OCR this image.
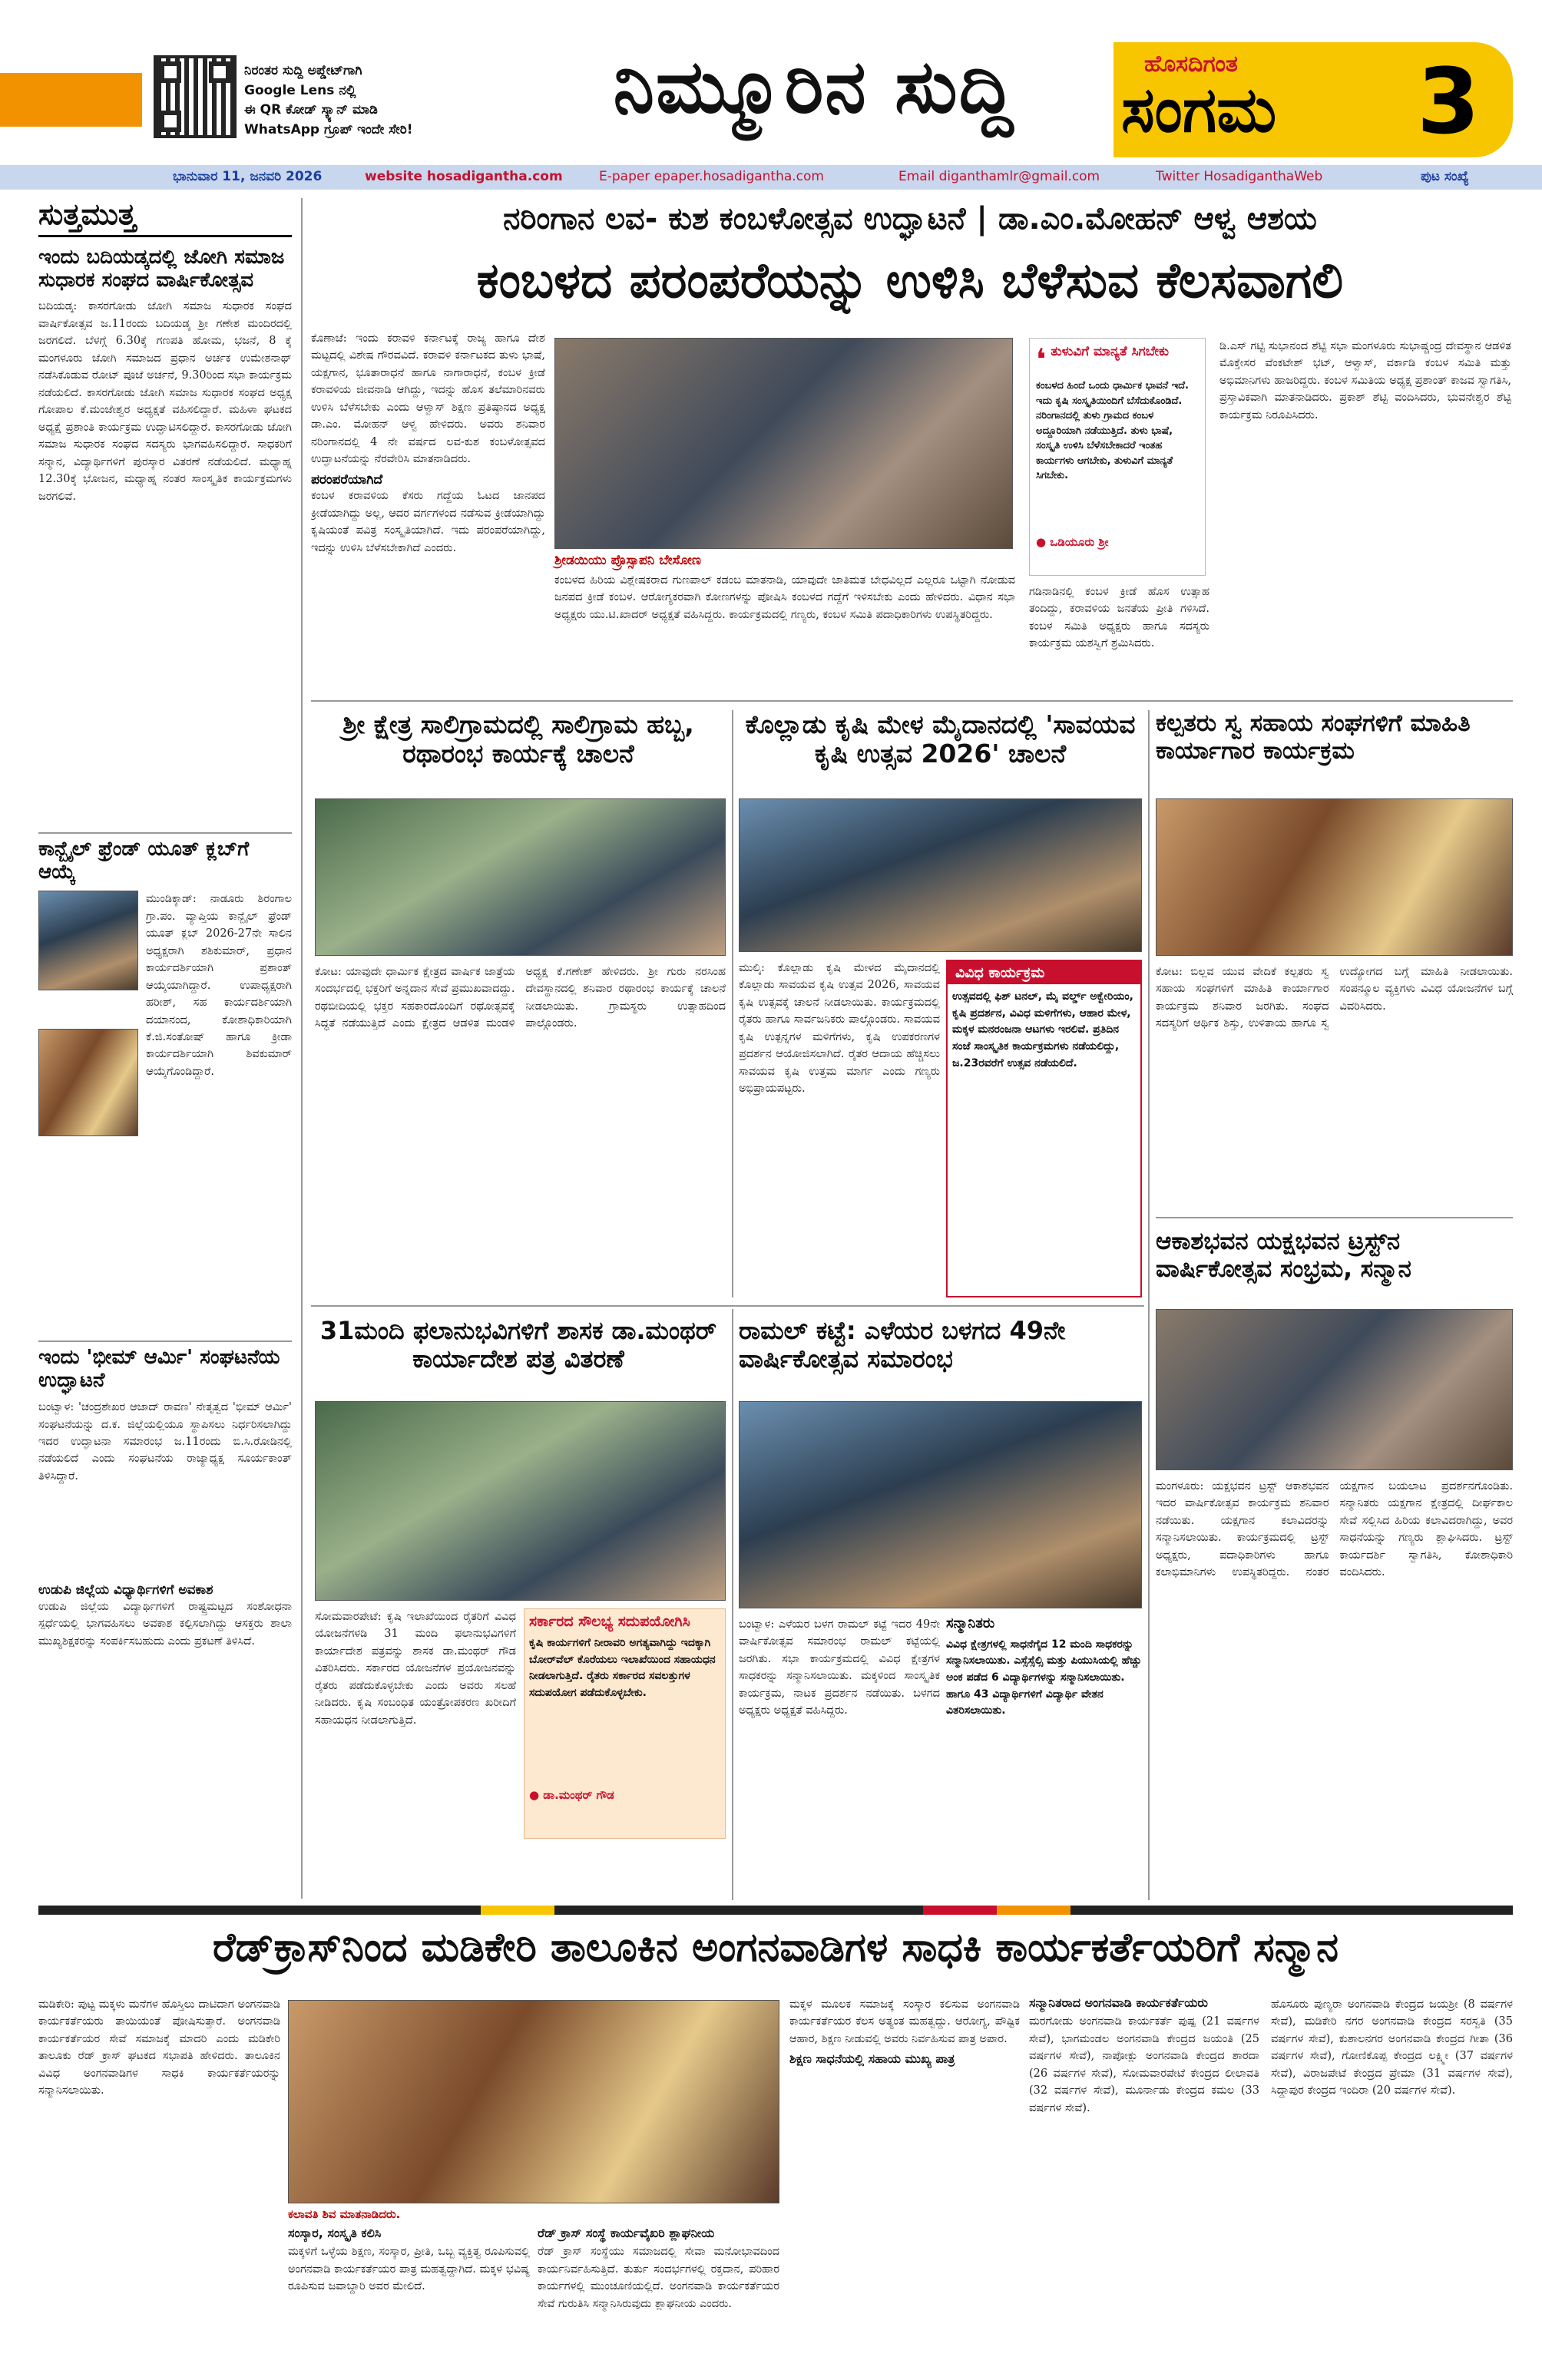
ನಿರಂತರ ಸುದ್ದಿ ಅಪ್ಡೇಟ್‌ಗಾಗಿ
Google Lens ನಲ್ಲಿ
ಈ QR ಕೋಡ್ ಸ್ಕ್ಯಾನ್ ಮಾಡಿ
WhatsApp ಗ್ರೂಪ್ ಇಂದೇ ಸೇರಿ!	ನಿಮ್ಮೂರಿನ ಸುದ್ದಿ	ಹೊಸದಿಗಂತ
ಸಂಗಮ 3
ಭಾನುವಾರ 11, ಜನವರಿ 2026	website hosadigantha.com	E-paper epaper.hosadigantha.com	Email diganthamlr@gmail.com	Twitter HosadiganthaWeb	ಪುಟ ಸಂಖ್ಯೆ
ಸುತ್ತಮುತ್ತ
ಇಂದು ಬದಿಯಡ್ಕದಲ್ಲಿ ಜೋಗಿ ಸಮಾಜ ಸುಧಾರಕ ಸಂಘದ ವಾರ್ಷಿಕೋತ್ಸವ

ಬದಿಯಡ್ಕ: ಕಾಸರಗೋಡು ಜೋಗಿ ಸಮಾಜ ಸುಧಾರಕ ಸಂಘದ ವಾರ್ಷಿಕೋತ್ಸವ ಜ.11ರಂದು ಬದಿಯಡ್ಕ ಶ್ರೀ ಗಣೇಶ ಮಂದಿರದಲ್ಲಿ ಜರಗಲಿದೆ. ಬೆಳಗ್ಗೆ 6.30ಕ್ಕೆ ಗಣಪತಿ ಹೋಮ, ಭಜನೆ, 8 ಕ್ಕೆ ಮಂಗಳೂರು ಜೋಗಿ ಸಮಾಜದ ಪ್ರಧಾನ ಅರ್ಚಕ ಉಮೇಶನಾಥ್ ನಡೆಸಿಕೊಡುವ ರೋಟ್ ಪೂಜೆ ಅರ್ಚನೆ, 9.30ರಿಂದ ಸಭಾ ಕಾರ್ಯಕ್ರಮ ನಡೆಯಲಿದೆ. ಕಾಸರಗೋಡು ಜೋಗಿ ಸಮಾಜ ಸುಧಾರಕ ಸಂಘದ ಅಧ್ಯಕ್ಷ ಗೋಪಾಲ ಕೆ.ಮಂಜೇಶ್ವರ ಅಧ್ಯಕ್ಷತೆ ವಹಿಸಲಿದ್ದಾರೆ. ಮಹಿಳಾ ಘಟಕದ ಅಧ್ಯಕ್ಷೆ ಪ್ರಶಾಂತಿ ಕಾರ್ಯಕ್ರಮ ಉದ್ಘಾಟಿಸಲಿದ್ದಾರೆ. ಕಾಸರಗೋಡು ಜೋಗಿ ಸಮಾಜ ಸುಧಾರಕ ಸಂಘದ ಸದಸ್ಯರು ಭಾಗವಹಿಸಲಿದ್ದಾರೆ. ಸಾಧಕರಿಗೆ ಸನ್ಮಾನ, ವಿದ್ಯಾರ್ಥಿಗಳಿಗೆ ಪುರಸ್ಕಾರ ವಿತರಣೆ ನಡೆಯಲಿದೆ. ಮಧ್ಯಾಹ್ನ 12.30ಕ್ಕೆ ಭೋಜನ, ಮಧ್ಯಾಹ್ನ ನಂತರ ಸಾಂಸ್ಕೃತಿಕ ಕಾರ್ಯಕ್ರಮಗಳು ಜರಗಲಿವೆ.

ಕಾನ್ಬೈಲ್ ಫ್ರೆಂಡ್ ಯೂತ್ ಕ್ಲಬ್‌ಗೆ ಆಯ್ಕೆ

ಮುಂಡಿಕ್ಕಾಡ್: ನಾಡೂರು ಶಿರಂಗಾಲ ಗ್ರಾ.ಪಂ. ವ್ಯಾಪ್ತಿಯ ಕಾನ್ಬೈಲ್ ಫ್ರೆಂಡ್ ಯೂತ್ ಕ್ಲಬ್ 2026-27ನೇ ಸಾಲಿನ ಅಧ್ಯಕ್ಷರಾಗಿ ಶಶಿಕುಮಾರ್, ಪ್ರಧಾನ ಕಾರ್ಯದರ್ಶಿಯಾಗಿ ಪ್ರಶಾಂತ್ ಆಯ್ಕೆಯಾಗಿದ್ದಾರೆ. ಉಪಾಧ್ಯಕ್ಷರಾಗಿ ಹರೀಶ್, ಸಹ ಕಾರ್ಯದರ್ಶಿಯಾಗಿ ದಯಾನಂದ, ಕೋಶಾಧಿಕಾರಿಯಾಗಿ ಕೆ.ಜಿ.ಸಂತೋಷ್ ಹಾಗೂ ಕ್ರೀಡಾ ಕಾರ್ಯದರ್ಶಿಯಾಗಿ ಶಿವಕುಮಾರ್ ಆಯ್ಕೆಗೊಂಡಿದ್ದಾರೆ.

ಇಂದು 'ಭೀಮ್ ಆರ್ಮಿ' ಸಂಘಟನೆಯ ಉದ್ಘಾಟನೆ

ಬಂಟ್ವಾಳ: 'ಚಂದ್ರಶೇಖರ ಆಜಾದ್ ರಾವಣ' ನೇತೃತ್ವದ 'ಭೀಮ್ ಆರ್ಮಿ' ಸಂಘಟನೆಯನ್ನು ದ.ಕ. ಜಿಲ್ಲೆಯಲ್ಲಿಯೂ ಸ್ಥಾಪಿಸಲು ನಿರ್ಧರಿಸಲಾಗಿದ್ದು ಇದರ ಉದ್ಘಾಟನಾ ಸಮಾರಂಭ ಜ.11ರಂದು ಬಿ.ಸಿ.ರೋಡಿನಲ್ಲಿ ನಡೆಯಲಿದೆ ಎಂದು ಸಂಘಟನೆಯ ರಾಜ್ಯಾಧ್ಯಕ್ಷ ಸೂರ್ಯಕಾಂತ್ ತಿಳಿಸಿದ್ದಾರೆ.

ಉಡುಪಿ ಜಿಲ್ಲೆಯ ವಿಧ್ಯಾರ್ಥಿಗಳಿಗೆ ಅವಕಾಶ

ಉಡುಪಿ ಜಿಲ್ಲೆಯ ವಿದ್ಯಾರ್ಥಿಗಳಿಗೆ ರಾಷ್ಟ್ರಮಟ್ಟದ ಸಂಶೋಧನಾ ಸ್ಪರ್ಧೆಯಲ್ಲಿ ಭಾಗವಹಿಸಲು ಅವಕಾಶ ಕಲ್ಪಿಸಲಾಗಿದ್ದು ಆಸಕ್ತರು ಶಾಲಾ ಮುಖ್ಯಶಿಕ್ಷಕರನ್ನು ಸಂಪರ್ಕಿಸಬಹುದು ಎಂದು ಪ್ರಕಟಣೆ ತಿಳಿಸಿದೆ.

ನರಿಂಗಾನ ಲವ- ಕುಶ ಕಂಬಳೋತ್ಸವ ಉದ್ಘಾಟನೆ | ಡಾ.ಎಂ.ಮೋಹನ್ ಆಳ್ವ ಆಶಯ
ಕಂಬಳದ ಪರಂಪರೆಯನ್ನು ಉಳಿಸಿ ಬೆಳೆಸುವ ಕೆಲಸವಾಗಲಿ

ಕೊಣಾಜೆ: ಇಂದು ಕರಾವಳಿ ಕರ್ನಾಟಕ್ಕೆ ರಾಜ್ಯ ಹಾಗೂ ದೇಶ ಮಟ್ಟದಲ್ಲಿ ವಿಶೇಷ ಗೌರವವಿದೆ. ಕರಾವಳಿ ಕರ್ನಾಟಕದ ತುಳು ಭಾಷೆ, ಯಕ್ಷಗಾನ, ಭೂತಾರಾಧನೆ ಹಾಗೂ ನಾಗಾರಾಧನೆ, ಕಂಬಳ ಕ್ರೀಡೆ ಕರಾವಳಿಯ ಜೀವನಾಡಿ ಆಗಿದ್ದು, ಇದನ್ನು ಹೊಸ ತಲೆಮಾರಿನವರು ಉಳಿಸಿ ಬೆಳೆಸಬೇಕು ಎಂದು ಆಳ್ವಾಸ್ ಶಿಕ್ಷಣ ಪ್ರತಿಷ್ಠಾನದ ಅಧ್ಯಕ್ಷ ಡಾ.ಎಂ. ಮೋಹನ್ ಆಳ್ವ ಹೇಳಿದರು. ಅವರು ಶನಿವಾರ ನರಿಂಗಾನದಲ್ಲಿ 4 ನೇ ವರ್ಷದ ಲವ-ಕುಶ ಕಂಬಳೋತ್ಸವದ ಉದ್ಘಾಟನೆಯನ್ನು ನೆರವೇರಿಸಿ ಮಾತನಾಡಿದರು.

ಪರಂಪರೆಯಾಗಿದೆ

ಕಂಬಳ ಕರಾವಳಿಯ ಕೆಸರು ಗದ್ದೆಯ ಓಟದ ಜಾನಪದ ಕ್ರೀಡೆಯಾಗಿದ್ದು ಅಲ್ಲ, ಆದರ ವರ್ಗಗಳಂದ ನಡೆಸುವ ಕ್ರೀಡೆಯಾಗಿದ್ದು ಕೃಷಿಯಂತೆ ಪವಿತ್ರ ಸಂಸ್ಕೃತಿಯಾಗಿದೆ. ಇದು ಪರಂಪರೆಯಾಗಿದ್ದು, ಇದನ್ನು ಉಳಿಸಿ ಬೆಳೆಸಬೇಕಾಗಿದೆ ಎಂದರು.

ಶ್ರೀಡಯಿಯು ಪ್ರೊಸ್ಸಾಪನಿ ಬೇಸೋಣ

ಕಂಬಳದ ಹಿರಿಯ ವಿಶ್ಲೇಷಕರಾದ ಗುಣಪಾಲ್ ಕಡಂಬ ಮಾತನಾಡಿ, ಯಾವುದೇ ಜಾತಿಮತ ಬೇಧವಿಲ್ಲದೆ ಎಲ್ಲರೂ ಒಟ್ಟಾಗಿ ನೋಡುವ ಜನಪದ ಕ್ರೀಡೆ ಕಂಬಳ. ಆರೋಗ್ಯಕರವಾಗಿ ಕೋಣಗಳನ್ನು ಪೋಷಿಸಿ ಕಂಬಳದ ಗದ್ದೆಗೆ ಇಳಿಸಬೇಕು ಎಂದು ಹೇಳಿದರು. ವಿಧಾನ ಸಭಾ ಅಧ್ಯಕ್ಷರು ಯು.ಟಿ.ಖಾದರ್ ಅಧ್ಯಕ್ಷತೆ ವಹಿಸಿದ್ದರು. ಕಾರ್ಯಕ್ರಮದಲ್ಲಿ ಗಣ್ಯರು, ಕಂಬಳ ಸಮಿತಿ ಪದಾಧಿಕಾರಿಗಳು ಉಪಸ್ಥಿತರಿದ್ದರು.

❛ ತುಳುವಿಗೆ ಮಾನ್ಯತೆ ಸಿಗಬೇಕು

ಕಂಬಳದ ಹಿಂದೆ ಒಂದು ಧಾರ್ಮಿಕ ಭಾವನೆ ಇದೆ. ಇದು ಕೃಷಿ ಸಂಸ್ಕೃತಿಯಿಂದಿಗೆ ಬೆಸೆದುಕೊಂಡಿದೆ. ನರಿಂಗಾನದಲ್ಲಿ ತುಳು ಗ್ರಾಮದ ಕಂಬಳ ಅದ್ದೂರಿಯಾಗಿ ನಡೆಯುತ್ತಿದೆ. ತುಳು ಭಾಷೆ, ಸಂಸ್ಕೃತಿ ಉಳಿಸಿ ಬೆಳೆಸಬೇಕಾದರೆ ಇಂತಹ ಕಾರ್ಯಗಳು ಆಗಬೇಕು, ತುಳುವಿಗೆ ಮಾನ್ಯತೆ ಸಿಗಬೇಕು.

● ಒಡಿಯೂರು ಶ್ರೀ

ಡಿ.ಎಸ್ ಗಟ್ಟಿ ಸುಭಾನಂದ ಶೆಟ್ಟಿ ಸಭಾ ಮಂಗಳೂರು ಸುಭಾಷ್ಚಂದ್ರ ದೇವಸ್ಥಾನ ಆಡಳಿತ ಮೊಕ್ತೇಸರ ವೆಂಕಟೇಶ್ ಭಟ್, ಆಳ್ವಾಸ್, ವರ್ಕಾಡಿ ಕಂಬಳ ಸಮಿತಿ ಮತ್ತು ಅಭಿಮಾನಿಗಳು ಹಾಜರಿದ್ದರು. ಕಂಬಳ ಸಮಿತಿಯ ಅಧ್ಯಕ್ಷ ಪ್ರಶಾಂತ್ ಕಾಜವ ಸ್ವಾಗತಿಸಿ, ಪ್ರಸ್ತಾವಿಕವಾಗಿ ಮಾತನಾಡಿದರು. ಪ್ರಕಾಶ್ ಶೆಟ್ಟಿ ವಂದಿಸಿದರು, ಭುವನೇಶ್ವರ ಶೆಟ್ಟಿ ಕಾರ್ಯಕ್ರಮ ನಿರೂಪಿಸಿದರು.

ಗಡಿನಾಡಿನಲ್ಲಿ ಕಂಬಳ ಕ್ರೀಡೆ ಹೊಸ ಉತ್ಸಾಹ ತಂದಿದ್ದು, ಕರಾವಳಿಯ ಜನತೆಯ ಪ್ರೀತಿ ಗಳಿಸಿದೆ. ಕಂಬಳ ಸಮಿತಿ ಅಧ್ಯಕ್ಷರು ಹಾಗೂ ಸದಸ್ಯರು ಕಾರ್ಯಕ್ರಮ ಯಶಸ್ವಿಗೆ ಶ್ರಮಿಸಿದರು.

ಶ್ರೀ ಕ್ಷೇತ್ರ ಸಾಲಿಗ್ರಾಮದಲ್ಲಿ ಸಾಲಿಗ್ರಾಮ ಹಬ್ಬ, ರಥಾರಂಭ ಕಾರ್ಯಕ್ಕೆ ಚಾಲನೆ

ಕೋಟ: ಯಾವುದೇ ಧಾರ್ಮಿಕ ಕ್ಷೇತ್ರದ ವಾರ್ಷಿಕ ಜಾತ್ರೆಯ ಸಂದರ್ಭದಲ್ಲಿ ಭಕ್ತರಿಗೆ ಅನ್ನದಾನ ಸೇವೆ ಪ್ರಮುಖವಾದದ್ದು. ರಥಬೀದಿಯಲ್ಲಿ ಭಕ್ತರ ಸಹಕಾರದೊಂದಿಗೆ ರಥೋತ್ಸವಕ್ಕೆ ಸಿದ್ಧತೆ ನಡೆಯುತ್ತಿದೆ ಎಂದು ಕ್ಷೇತ್ರದ ಆಡಳಿತ ಮಂಡಳಿ ಅಧ್ಯಕ್ಷ ಕೆ.ಗಣೇಶ್ ಹೇಳಿದರು. ಶ್ರೀ ಗುರು ನರಸಿಂಹ ದೇವಸ್ಥಾನದಲ್ಲಿ ಶನಿವಾರ ರಥಾರಂಭ ಕಾರ್ಯಕ್ಕೆ ಚಾಲನೆ ನೀಡಲಾಯಿತು. ಗ್ರಾಮಸ್ಥರು ಉತ್ಸಾಹದಿಂದ ಪಾಲ್ಗೊಂಡರು.

ಕೊಲ್ಲಾಡು ಕೃಷಿ ಮೇಳ ಮೈದಾನದಲ್ಲಿ 'ಸಾವಯವ ಕೃಷಿ ಉತ್ಸವ 2026' ಚಾಲನೆ

ಮುಲ್ಕಿ: ಕೊಲ್ಲಾಡು ಕೃಷಿ ಮೇಳದ ಮೈದಾನದಲ್ಲಿ ಕೊಲ್ಲಾಡು ಸಾವಯವ ಕೃಷಿ ಉತ್ಸವ 2026, ಸಾವಯವ ಕೃಷಿ ಉತ್ಸವಕ್ಕೆ ಚಾಲನೆ ನೀಡಲಾಯಿತು. ಕಾರ್ಯಕ್ರಮದಲ್ಲಿ ರೈತರು ಹಾಗೂ ಸಾರ್ವಜನಿಕರು ಪಾಲ್ಗೊಂಡರು. ಸಾವಯವ ಕೃಷಿ ಉತ್ಪನ್ನಗಳ ಮಳಿಗೆಗಳು, ಕೃಷಿ ಉಪಕರಣಗಳ ಪ್ರದರ್ಶನ ಆಯೋಜಿಸಲಾಗಿದೆ. ರೈತರ ಆದಾಯ ಹೆಚ್ಚಿಸಲು ಸಾವಯವ ಕೃಷಿ ಉತ್ತಮ ಮಾರ್ಗ ಎಂದು ಗಣ್ಯರು ಅಭಿಪ್ರಾಯಪಟ್ಟರು.

ವಿವಿಧ ಕಾರ್ಯಕ್ರಮ

ಉತ್ಸವದಲ್ಲಿ ಫಿಶ್ ಟನಲ್, ಮೈ ವರ್ಲ್ಡ್ ಅಕ್ವೇರಿಯಂ, ಕೃಷಿ ಪ್ರದರ್ಶನ, ವಿವಿಧ ಮಳಿಗೆಗಳು, ಆಹಾರ ಮೇಳ, ಮಕ್ಕಳ ಮನರಂಜನಾ ಆಟಗಳು ಇರಲಿವೆ. ಪ್ರತಿದಿನ ಸಂಜೆ ಸಾಂಸ್ಕೃತಿಕ ಕಾರ್ಯಕ್ರಮಗಳು ನಡೆಯಲಿದ್ದು, ಜ.23ರವರೆಗೆ ಉತ್ಸವ ನಡೆಯಲಿದೆ.

ಕಲ್ಪತರು ಸ್ವ ಸಹಾಯ ಸಂಘಗಳಿಗೆ ಮಾಹಿತಿ ಕಾರ್ಯಾಗಾರ ಕಾರ್ಯಕ್ರಮ

ಕೋಟ: ಬಿಲ್ಲವ ಯುವ ವೇದಿಕೆ ಕಲ್ಪತರು ಸ್ವ ಸಹಾಯ ಸಂಘಗಳಿಗೆ ಮಾಹಿತಿ ಕಾರ್ಯಾಗಾರ ಕಾರ್ಯಕ್ರಮ ಶನಿವಾರ ಜರಗಿತು. ಸಂಘದ ಸದಸ್ಯರಿಗೆ ಆರ್ಥಿಕ ಶಿಸ್ತು, ಉಳಿತಾಯ ಹಾಗೂ ಸ್ವ ಉದ್ಯೋಗದ ಬಗ್ಗೆ ಮಾಹಿತಿ ನೀಡಲಾಯಿತು. ಸಂಪನ್ಮೂಲ ವ್ಯಕ್ತಿಗಳು ವಿವಿಧ ಯೋಜನೆಗಳ ಬಗ್ಗೆ ವಿವರಿಸಿದರು.

ಆಕಾಶಭವನ ಯಕ್ಷಭವನ ಟ್ರಸ್ಟ್‌ನ ವಾರ್ಷಿಕೋತ್ಸವ ಸಂಭ್ರಮ, ಸನ್ಮಾನ

ಮಂಗಳೂರು: ಯಕ್ಷಭವನ ಟ್ರಸ್ಟ್ ಆಕಾಶಭವನ ಇದರ ವಾರ್ಷಿಕೋತ್ಸವ ಕಾರ್ಯಕ್ರಮ ಶನಿವಾರ ನಡೆಯಿತು. ಯಕ್ಷಗಾನ ಕಲಾವಿದರನ್ನು ಸನ್ಮಾನಿಸಲಾಯಿತು. ಕಾರ್ಯಕ್ರಮದಲ್ಲಿ ಟ್ರಸ್ಟ್ ಅಧ್ಯಕ್ಷರು, ಪದಾಧಿಕಾರಿಗಳು ಹಾಗೂ ಕಲಾಭಿಮಾನಿಗಳು ಉಪಸ್ಥಿತರಿದ್ದರು. ನಂತರ ಯಕ್ಷಗಾನ ಬಯಲಾಟ ಪ್ರದರ್ಶನಗೊಂಡಿತು. ಸನ್ಮಾನಿತರು ಯಕ್ಷಗಾನ ಕ್ಷೇತ್ರದಲ್ಲಿ ದೀರ್ಘಕಾಲ ಸೇವೆ ಸಲ್ಲಿಸಿದ ಹಿರಿಯ ಕಲಾವಿದರಾಗಿದ್ದು, ಅವರ ಸಾಧನೆಯನ್ನು ಗಣ್ಯರು ಶ್ಲಾಘಿಸಿದರು. ಟ್ರಸ್ಟ್ ಕಾರ್ಯದರ್ಶಿ ಸ್ವಾಗತಿಸಿ, ಕೋಶಾಧಿಕಾರಿ ವಂದಿಸಿದರು.

31ಮಂದಿ ಫಲಾನುಭವಿಗಳಿಗೆ ಶಾಸಕ ಡಾ.ಮಂಥರ್ ಕಾರ್ಯಾದೇಶ ಪತ್ರ ವಿತರಣೆ

ಸೋಮವಾರಪೇಟೆ: ಕೃಷಿ ಇಲಾಖೆಯಿಂದ ರೈತರಿಗೆ ವಿವಿಧ ಯೋಜನೆಗಳಡಿ 31 ಮಂದಿ ಫಲಾನುಭವಿಗಳಿಗೆ ಕಾರ್ಯಾದೇಶ ಪತ್ರವನ್ನು ಶಾಸಕ ಡಾ.ಮಂಥರ್ ಗೌಡ ವಿತರಿಸಿದರು. ಸರ್ಕಾರದ ಯೋಜನೆಗಳ ಪ್ರಯೋಜನವನ್ನು ರೈತರು ಪಡೆದುಕೊಳ್ಳಬೇಕು ಎಂದು ಅವರು ಸಲಹೆ ನೀಡಿದರು. ಕೃಷಿ ಸಂಬಂಧಿತ ಯಂತ್ರೋಪಕರಣ ಖರೀದಿಗೆ ಸಹಾಯಧನ ನೀಡಲಾಗುತ್ತಿದೆ.

ಸರ್ಕಾರದ ಸೌಲಭ್ಯ ಸದುಪಯೋಗಿಸಿ

ಕೃಷಿ ಕಾರ್ಯಗಳಿಗೆ ನೀರಾವರಿ ಅಗತ್ಯವಾಗಿದ್ದು ಇದಕ್ಕಾಗಿ ಬೋರ್‌ವೆಲ್ ಕೊರೆಯಲು ಇಲಾಖೆಯಿಂದ ಸಹಾಯಧನ ನೀಡಲಾಗುತ್ತಿದೆ. ರೈತರು ಸರ್ಕಾರದ ಸವಲತ್ತುಗಳ ಸದುಪಯೋಗ ಪಡೆದುಕೊಳ್ಳಬೇಕು.

● ಡಾ.ಮಂಥರ್ ಗೌಡ
ರಾಮಲ್ ಕಟ್ಟೆ: ಎಳೆಯರ ಬಳಗದ 49ನೇ ವಾರ್ಷಿಕೋತ್ಸವ ಸಮಾರಂಭ

ಬಂಟ್ವಾಳ: ಎಳೆಯರ ಬಳಗ ರಾಮಲ್ ಕಟ್ಟೆ ಇದರ 49ನೇ ವಾರ್ಷಿಕೋತ್ಸವ ಸಮಾರಂಭ ರಾಮಲ್ ಕಟ್ಟೆಯಲ್ಲಿ ಜರಗಿತು. ಸಭಾ ಕಾರ್ಯಕ್ರಮದಲ್ಲಿ ವಿವಿಧ ಕ್ಷೇತ್ರಗಳ ಸಾಧಕರನ್ನು ಸನ್ಮಾನಿಸಲಾಯಿತು. ಮಕ್ಕಳಿಂದ ಸಾಂಸ್ಕೃತಿಕ ಕಾರ್ಯಕ್ರಮ, ನಾಟಕ ಪ್ರದರ್ಶನ ನಡೆಯಿತು. ಬಳಗದ ಅಧ್ಯಕ್ಷರು ಅಧ್ಯಕ್ಷತೆ ವಹಿಸಿದ್ದರು.

ಸನ್ಮಾನಿತರು

ವಿವಿಧ ಕ್ಷೇತ್ರಗಳಲ್ಲಿ ಸಾಧನೆಗೈದ 12 ಮಂದಿ ಸಾಧಕರನ್ನು ಸನ್ಮಾನಿಸಲಾಯಿತು. ಎಸ್ಸೆಸ್ಸೆಲ್ಸಿ ಮತ್ತು ಪಿಯುಸಿಯಲ್ಲಿ ಹೆಚ್ಚು ಅಂಕ ಪಡೆದ 6 ವಿದ್ಯಾರ್ಥಿಗಳನ್ನು ಸನ್ಮಾನಿಸಲಾಯಿತು. ಹಾಗೂ 43 ವಿದ್ಯಾರ್ಥಿಗಳಿಗೆ ವಿದ್ಯಾರ್ಥಿ ವೇತನ ವಿತರಿಸಲಾಯಿತು.

ರೆಡ್‌ಕ್ರಾಸ್‌ನಿಂದ ಮಡಿಕೇರಿ ತಾಲೂಕಿನ ಅಂಗನವಾಡಿಗಳ ಸಾಧಕಿ ಕಾರ್ಯಕರ್ತೆಯರಿಗೆ ಸನ್ಮಾನ

ಮಡಿಕೇರಿ: ಪುಟ್ಟ ಮಕ್ಕಳು ಮನೆಗಳ ಹೊಸ್ತಿಲು ದಾಟಿದಾಗ ಅಂಗನವಾಡಿ ಕಾರ್ಯಕರ್ತೆಯರು ತಾಯಿಯಂತೆ ಪೋಷಿಸುತ್ತಾರೆ. ಅಂಗನವಾಡಿ ಕಾರ್ಯಕರ್ತೆಯರ ಸೇವೆ ಸಮಾಜಕ್ಕೆ ಮಾದರಿ ಎಂದು ಮಡಿಕೇರಿ ತಾಲೂಕು ರೆಡ್ ಕ್ರಾಸ್ ಘಟಕದ ಸಭಾಪತಿ ಹೇಳಿದರು. ತಾಲೂಕಿನ ವಿವಿಧ ಅಂಗನವಾಡಿಗಳ ಸಾಧಕಿ ಕಾರ್ಯಕರ್ತೆಯರನ್ನು ಸನ್ಮಾನಿಸಲಾಯಿತು.

ಕಲಾವತಿ ಶಿವ ಮಾತನಾಡಿದರು.

ಸಂಸ್ಕಾರ, ಸಂಸ್ಕೃತಿ ಕಲಿಸಿ

ಮಕ್ಕಳಿಗೆ ಒಳ್ಳೆಯ ಶಿಕ್ಷಣ, ಸಂಸ್ಕಾರ, ಪ್ರೀತಿ, ಒಬ್ಬ ವ್ಯಕ್ತಿತ್ವ ರೂಪಿಸುವಲ್ಲಿ ಅಂಗನವಾಡಿ ಕಾರ್ಯಕರ್ತೆಯರ ಪಾತ್ರ ಮಹತ್ವದ್ದಾಗಿದೆ. ಮಕ್ಕಳ ಭವಿಷ್ಯ ರೂಪಿಸುವ ಜವಾಬ್ದಾರಿ ಅವರ ಮೇಲಿದೆ.

ರೆಡ್ ಕ್ರಾಸ್ ಸಂಸ್ಥೆ ಕಾರ್ಯವೈಖರಿ ಶ್ಲಾಘನೀಯ

ರೆಡ್ ಕ್ರಾಸ್ ಸಂಸ್ಥೆಯು ಸಮಾಜದಲ್ಲಿ ಸೇವಾ ಮನೋಭಾವದಿಂದ ಕಾರ್ಯನಿರ್ವಹಿಸುತ್ತಿದೆ. ತುರ್ತು ಸಂದರ್ಭಗಳಲ್ಲಿ ರಕ್ತದಾನ, ಪರಿಹಾರ ಕಾರ್ಯಗಳಲ್ಲಿ ಮುಂಚೂಣಿಯಲ್ಲಿದೆ. ಅಂಗನವಾಡಿ ಕಾರ್ಯಕರ್ತೆಯರ ಸೇವೆ ಗುರುತಿಸಿ ಸನ್ಮಾನಿಸಿರುವುದು ಶ್ಲಾಘನೀಯ ಎಂದರು.

ಮಕ್ಕಳ ಮೂಲಕ ಸಮಾಜಕ್ಕೆ ಸಂಸ್ಕಾರ ಕಲಿಸುವ ಅಂಗನವಾಡಿ ಕಾರ್ಯಕರ್ತೆಯರ ಕೆಲಸ ಅತ್ಯಂತ ಮಹತ್ವದ್ದು. ಆರೋಗ್ಯ, ಪೌಷ್ಟಿಕ ಆಹಾರ, ಶಿಕ್ಷಣ ನೀಡುವಲ್ಲಿ ಅವರು ನಿರ್ವಹಿಸುವ ಪಾತ್ರ ಅಪಾರ.

ಶಿಕ್ಷಣ ಸಾಧನೆಯಲ್ಲಿ ಸಹಾಯ ಮುಖ್ಯ ಪಾತ್ರ

ಸನ್ಮಾನಿತರಾದ ಅಂಗನವಾಡಿ ಕಾರ್ಯಕರ್ತೆಯರು

ಮರಗೋಡು ಅಂಗನವಾಡಿ ಕಾರ್ಯಕರ್ತೆ ಪುಷ್ಪ (21 ವರ್ಷಗಳ ಸೇವೆ), ಭಾಗಮಂಡಲ ಅಂಗನವಾಡಿ ಕೇಂದ್ರದ ಜಯಂತಿ (25 ವರ್ಷಗಳ ಸೇವೆ), ನಾಪೋಕ್ಲು ಅಂಗನವಾಡಿ ಕೇಂದ್ರದ ಶಾರದಾ (26 ವರ್ಷಗಳ ಸೇವೆ), ಸೋಮವಾರಪೇಟೆ ಕೇಂದ್ರದ ಲೀಲಾವತಿ (32 ವರ್ಷಗಳ ಸೇವೆ), ಮೂರ್ನಾಡು ಕೇಂದ್ರದ ಕಮಲ (33 ವರ್ಷಗಳ ಸೇವೆ).

ಹೊಸೂರು ಪುಣ್ಯರಾ ಅಂಗನವಾಡಿ ಕೇಂದ್ರದ ಜಯಶ್ರೀ (8 ವರ್ಷಗಳ ಸೇವೆ), ಮಡಿಕೇರಿ ನಗರ ಅಂಗನವಾಡಿ ಕೇಂದ್ರದ ಸರಸ್ವತಿ (35 ವರ್ಷಗಳ ಸೇವೆ), ಕುಶಾಲನಗರ ಅಂಗನವಾಡಿ ಕೇಂದ್ರದ ಗೀತಾ (36 ವರ್ಷಗಳ ಸೇವೆ), ಗೋಣಿಕೊಪ್ಪ ಕೇಂದ್ರದ ಲಕ್ಷ್ಮೀ (37 ವರ್ಷಗಳ ಸೇವೆ), ವಿರಾಜಪೇಟೆ ಕೇಂದ್ರದ ಪ್ರೇಮಾ (31 ವರ್ಷಗಳ ಸೇವೆ), ಸಿದ್ದಾಪುರ ಕೇಂದ್ರದ ಇಂದಿರಾ (20 ವರ್ಷಗಳ ಸೇವೆ).
